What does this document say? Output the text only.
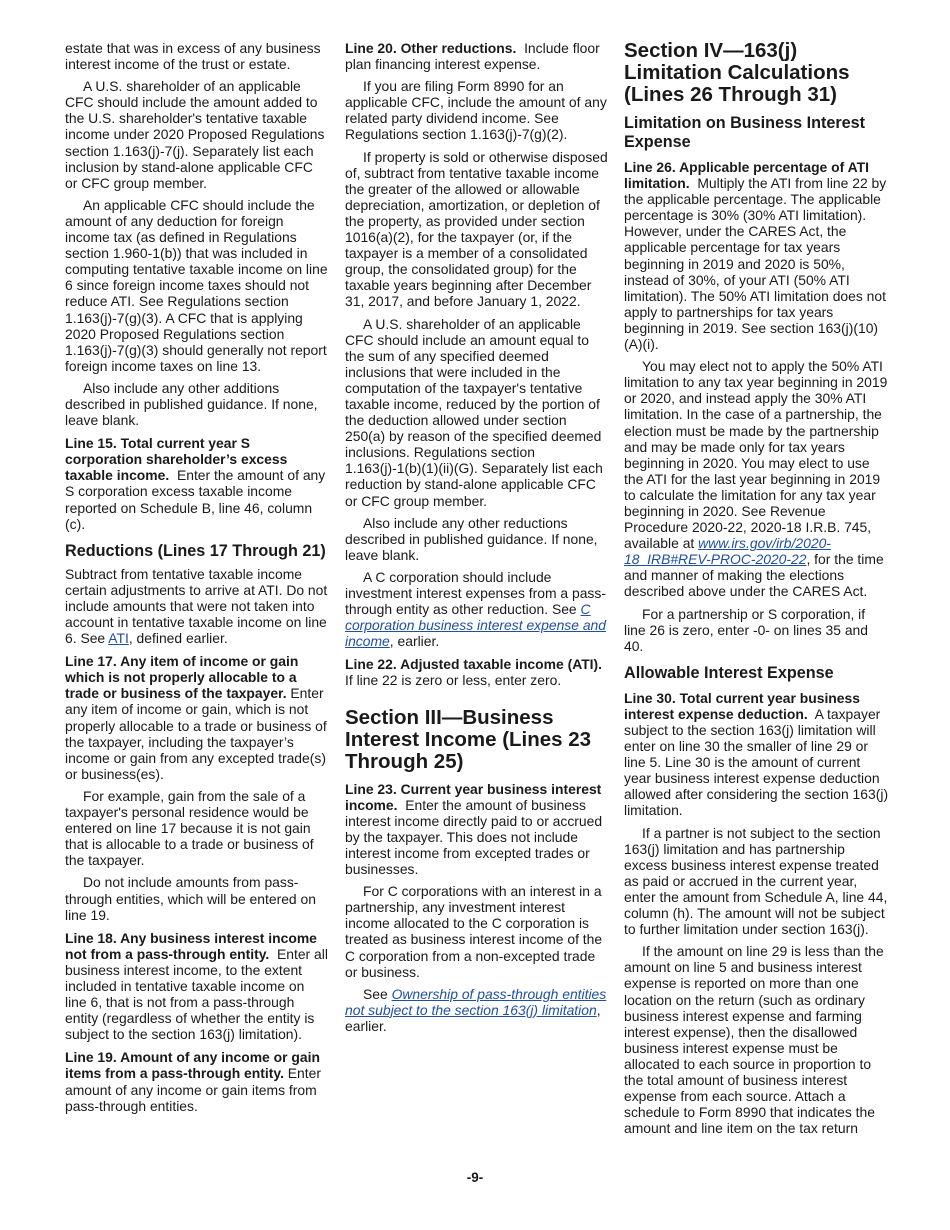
estate that was in excess of any business interest income of the trust or estate.

A U.S. shareholder of an applicable CFC should include the amount added to the U.S. shareholder's tentative taxable income under 2020 Proposed Regulations section 1.163(j)-7(j). Separately list each inclusion by stand-alone applicable CFC or CFC group member.

An applicable CFC should include the amount of any deduction for foreign income tax (as defined in Regulations section 1.960-1(b)) that was included in computing tentative taxable income on line 6 since foreign income taxes should not reduce ATI. See Regulations section 1.163(j)-7(g)(3). A CFC that is applying 2020 Proposed Regulations section 1.163(j)-7(g)(3) should generally not report foreign income taxes on line 13.

Also include any other additions described in published guidance. If none, leave blank.

Line 15. Total current year S corporation shareholder’s excess taxable income. Enter the amount of any S corporation excess taxable income reported on Schedule B, line 46, column (c).

Reductions (Lines 17 Through 21)

Subtract from tentative taxable income certain adjustments to arrive at ATI. Do not include amounts that were not taken into account in tentative taxable income on line 6. See ATI, defined earlier.

Line 17. Any item of income or gain which is not properly allocable to a trade or business of the taxpayer. Enter any item of income or gain, which is not properly allocable to a trade or business of the taxpayer, including the taxpayer’s income or gain from any excepted trade(s) or business(es).

For example, gain from the sale of a taxpayer's personal residence would be entered on line 17 because it is not gain that is allocable to a trade or business of the taxpayer.

Do not include amounts from pass-through entities, which will be entered on line 19.

Line 18. Any business interest income not from a pass-through entity. Enter all business interest income, to the extent included in tentative taxable income on line 6, that is not from a pass-through entity (regardless of whether the entity is subject to the section 163(j) limitation).

Line 19. Amount of any income or gain items from a pass-through entity. Enter amount of any income or gain items from pass-through entities.

Line 20. Other reductions. Include floor plan financing interest expense.

If you are filing Form 8990 for an applicable CFC, include the amount of any related party dividend income. See Regulations section 1.163(j)-7(g)(2).

If property is sold or otherwise disposed of, subtract from tentative taxable income the greater of the allowed or allowable depreciation, amortization, or depletion of the property, as provided under section 1016(a)(2), for the taxpayer (or, if the taxpayer is a member of a consolidated group, the consolidated group) for the taxable years beginning after December 31, 2017, and before January 1, 2022.

A U.S. shareholder of an applicable CFC should include an amount equal to the sum of any specified deemed inclusions that were included in the computation of the taxpayer's tentative taxable income, reduced by the portion of the deduction allowed under section 250(a) by reason of the specified deemed inclusions. Regulations section 1.163(j)-1(b)(1)(ii)(G). Separately list each reduction by stand-alone applicable CFC or CFC group member.

Also include any other reductions described in published guidance. If none, leave blank.

A C corporation should include investment interest expenses from a pass-through entity as other reduction. See C corporation business interest expense and income, earlier.

Line 22. Adjusted taxable income (ATI).  If line 22 is zero or less, enter zero.

Section III—Business Interest Income (Lines 23 Through 25)

Line 23. Current year business interest income. Enter the amount of business interest income directly paid to or accrued by the taxpayer. This does not include interest income from excepted trades or businesses.

For C corporations with an interest in a partnership, any investment interest income allocated to the C corporation is treated as business interest income of the C corporation from a non-excepted trade or business.

See Ownership of pass-through entities not subject to the section 163(j) limitation, earlier.

Section IV—163(j) Limitation Calculations (Lines 26 Through 31)
Limitation on Business Interest Expense

Line 26. Applicable percentage of ATI limitation. Multiply the ATI from line 22 by the applicable percentage. The applicable percentage is 30% (30% ATI limitation). However, under the CARES Act, the applicable percentage for tax years beginning in 2019 and 2020 is 50%, instead of 30%, of your ATI (50% ATI limitation). The 50% ATI limitation does not apply to partnerships for tax years beginning in 2019. See section 163(j)(10)(A)(i).

You may elect not to apply the 50% ATI limitation to any tax year beginning in 2019 or 2020, and instead apply the 30% ATI limitation. In the case of a partnership, the election must be made by the partnership and may be made only for tax years beginning in 2020. You may elect to use the ATI for the last year beginning in 2019 to calculate the limitation for any tax year beginning in 2020. See Revenue Procedure 2020-22, 2020-18 I.R.B. 745, available at www.irs.gov/irb/2020-18_IRB#REV-PROC-2020-22, for the time and manner of making the elections described above under the CARES Act.

For a partnership or S corporation, if line 26 is zero, enter -0- on lines 35 and 40.

Allowable Interest Expense

Line 30. Total current year business interest expense deduction. A taxpayer subject to the section 163(j) limitation will enter on line 30 the smaller of line 29 or line 5. Line 30 is the amount of current year business interest expense deduction allowed after considering the section 163(j) limitation.

If a partner is not subject to the section 163(j) limitation and has partnership excess business interest expense treated as paid or accrued in the current year, enter the amount from Schedule A, line 44, column (h). The amount will not be subject to further limitation under section 163(j).

If the amount on line 29 is less than the amount on line 5 and business interest expense is reported on more than one location on the return (such as ordinary business interest expense and farming interest expense), then the disallowed business interest expense must be allocated to each source in proportion to the total amount of business interest expense from each source. Attach a schedule to Form 8990 that indicates the amount and line item on the tax return

-9-
